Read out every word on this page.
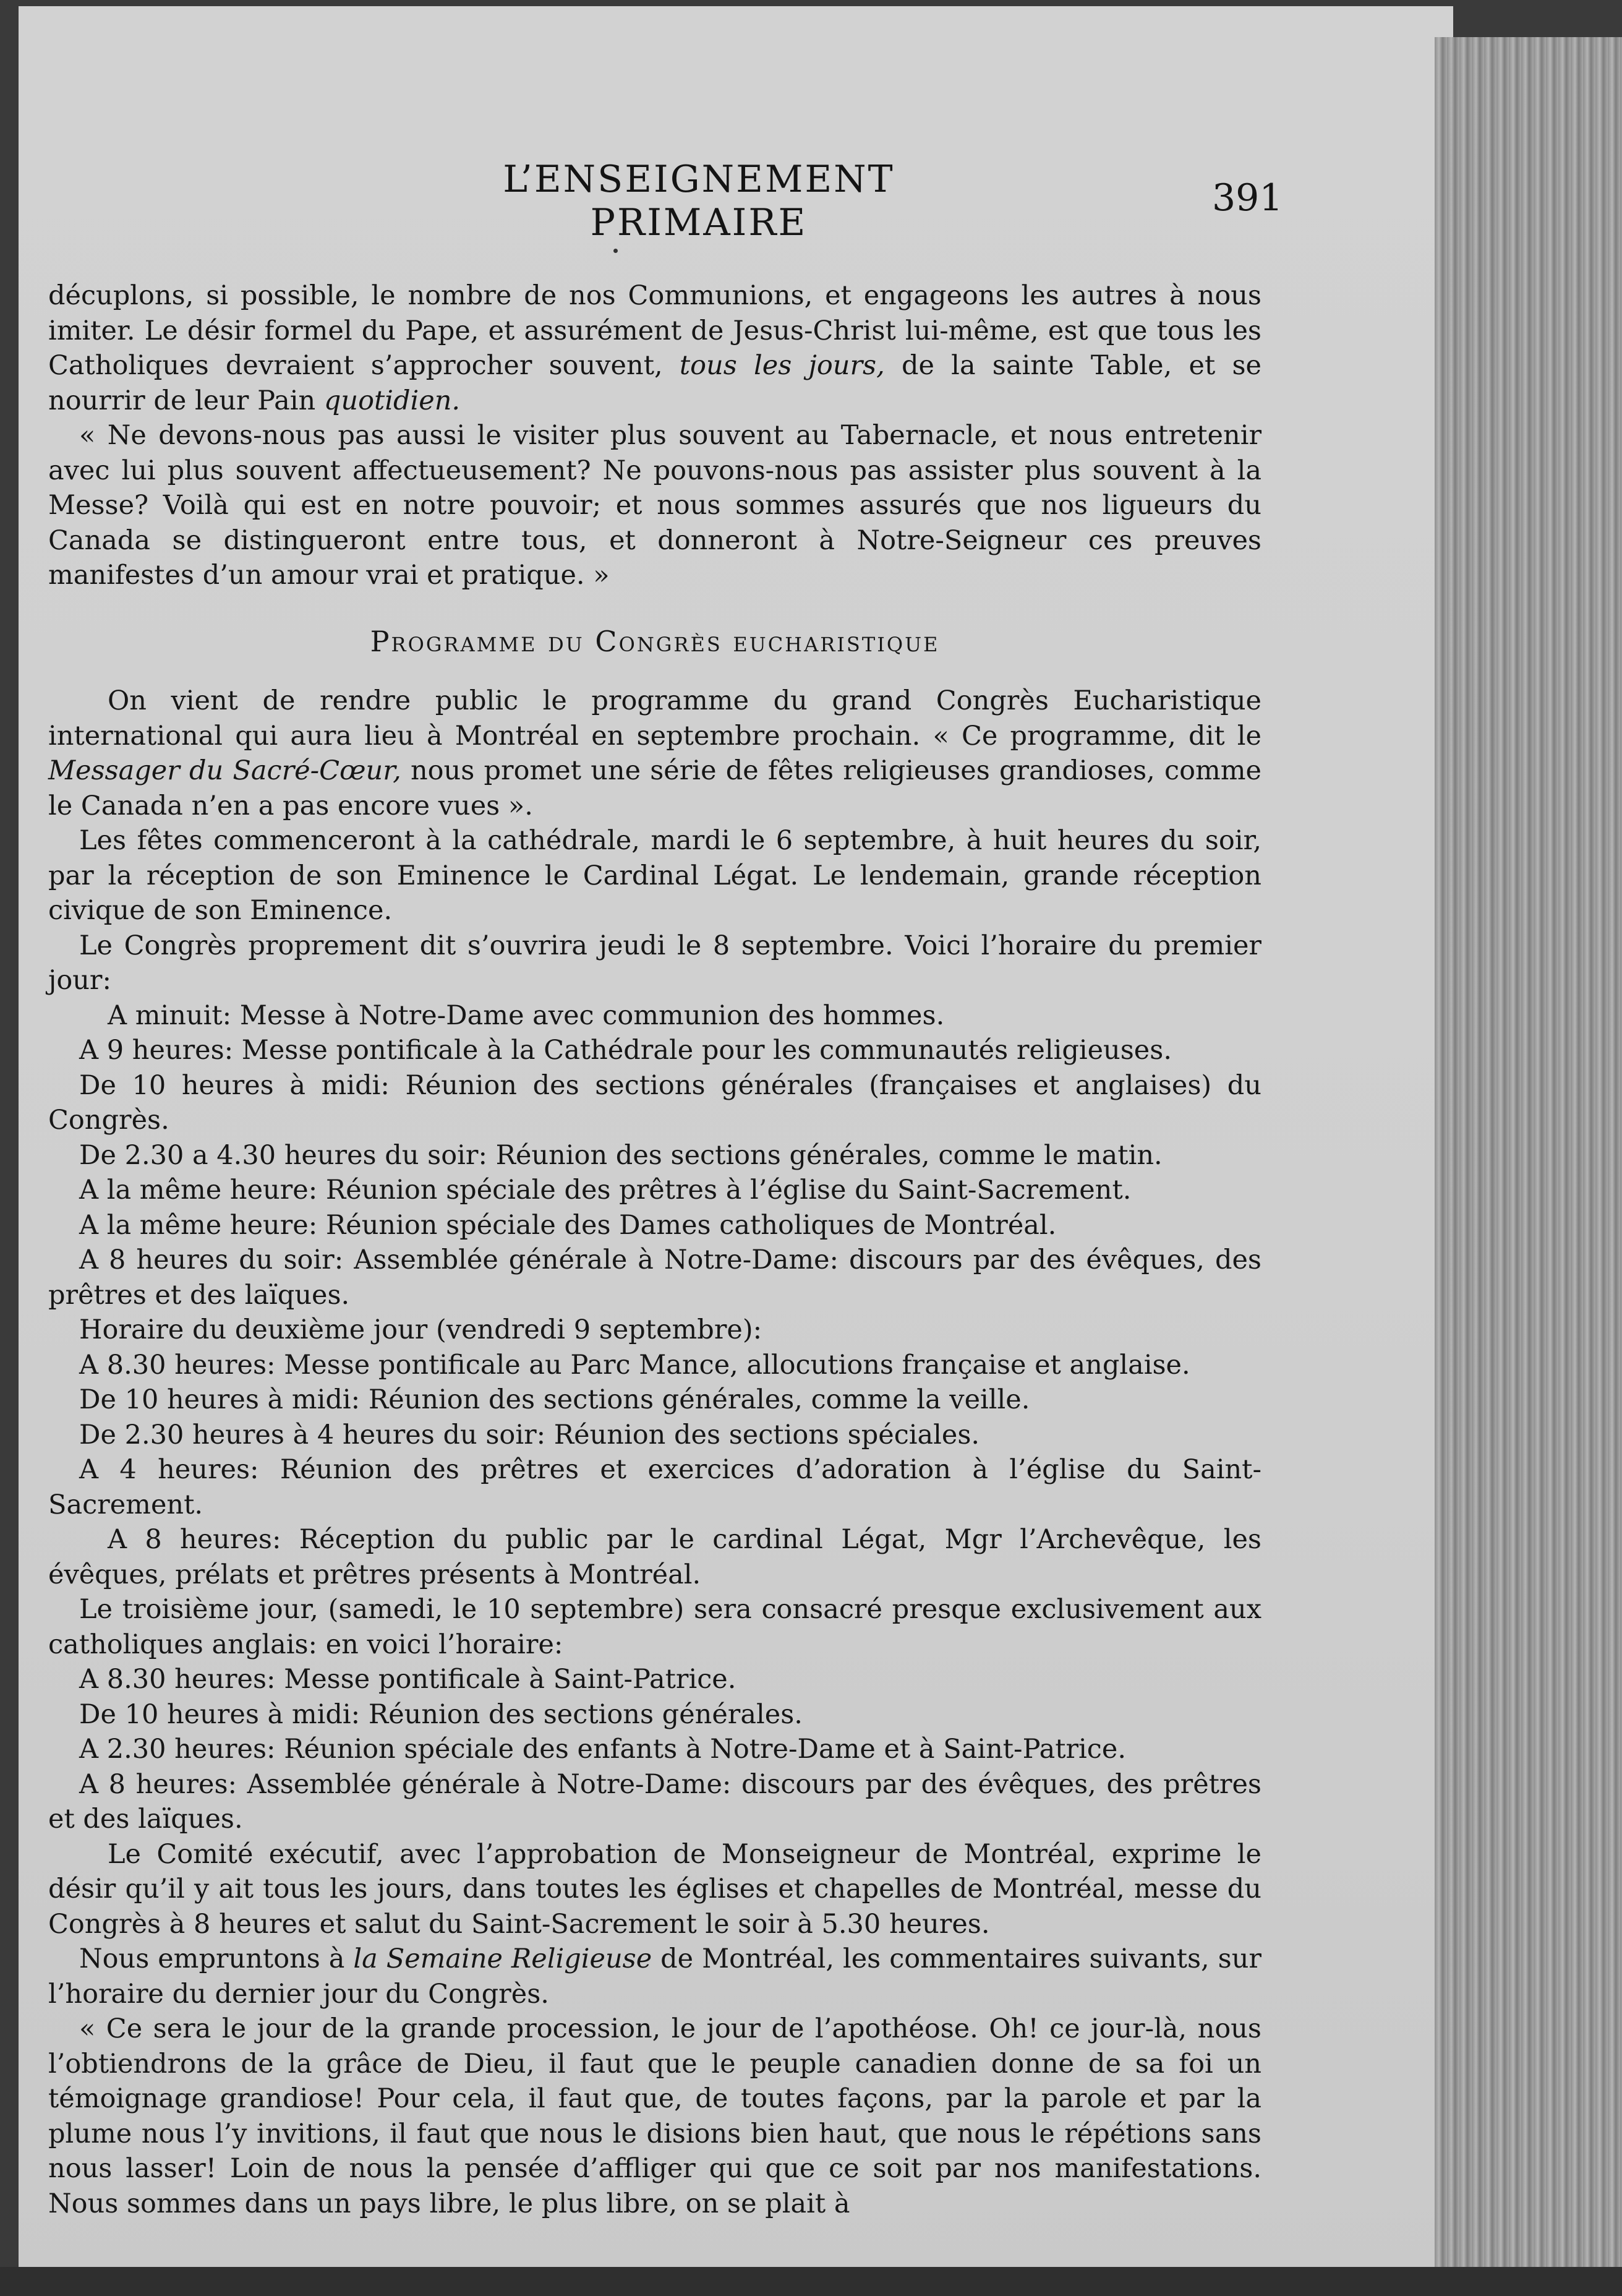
L’ENSEIGNEMENT PRIMAIRE
391

décuplons, si possible, le nombre de nos Communions, et engageons les autres à nous imiter. Le désir formel du Pape, et assurément de Jesus-Christ lui-même, est que tous les Catholiques devraient s’approcher souvent, tous les jours, de la sainte Table, et se nourrir de leur Pain quotidien.

« Ne devons-nous pas aussi le visiter plus souvent au Tabernacle, et nous entretenir avec lui plus souvent affectueusement? Ne pouvons-nous pas assister plus souvent à la Messe? Voilà qui est en notre pouvoir; et nous sommes assurés que nos ligueurs du Canada se distingueront entre tous, et donneront à Notre-Seigneur ces preuves manifestes d’un amour vrai et pratique. »

Programme du Congrès eucharistique

On vient de rendre public le programme du grand Congrès Eucharistique international qui aura lieu à Montréal en septembre prochain. « Ce programme, dit le Messager du Sacré-Cœur, nous promet une série de fêtes religieuses grandioses, comme le Canada n’en a pas encore vues ».

Les fêtes commenceront à la cathédrale, mardi le 6 septembre, à huit heures du soir, par la réception de son Eminence le Cardinal Légat. Le lendemain, grande réception civique de son Eminence.

Le Congrès proprement dit s’ouvrira jeudi le 8 septembre. Voici l’horaire du premier jour:

A minuit: Messe à Notre-Dame avec communion des hommes.

A 9 heures: Messe pontificale à la Cathédrale pour les communautés religieuses.

De 10 heures à midi: Réunion des sections générales (françaises et anglaises) du Congrès.

De 2.30 a 4.30 heures du soir: Réunion des sections générales, comme le matin.

A la même heure: Réunion spéciale des prêtres à l’église du Saint-Sacrement.

A la même heure: Réunion spéciale des Dames catholiques de Montréal.

A 8 heures du soir: Assemblée générale à Notre-Dame: discours par des évêques, des prêtres et des laïques.

Horaire du deuxième jour (vendredi 9 septembre):

A 8.30 heures: Messe pontificale au Parc Mance, allocutions française et anglaise.

De 10 heures à midi: Réunion des sections générales, comme la veille.

De 2.30 heures à 4 heures du soir: Réunion des sections spéciales.

A 4 heures: Réunion des prêtres et exercices d’adoration à l’église du Saint-Sacrement.

A 8 heures: Réception du public par le cardinal Légat, Mgr l’Archevêque, les évêques, prélats et prêtres présents à Montréal.

Le troisième jour, (samedi, le 10 septembre) sera consacré presque exclusivement aux catholiques anglais: en voici l’horaire:

A 8.30 heures: Messe pontificale à Saint-Patrice.

De 10 heures à midi: Réunion des sections générales.

A 2.30 heures: Réunion spéciale des enfants à Notre-Dame et à Saint-Patrice.

A 8 heures: Assemblée générale à Notre-Dame: discours par des évêques, des prêtres et des laïques.

Le Comité exécutif, avec l’approbation de Monseigneur de Montréal, exprime le désir qu’il y ait tous les jours, dans toutes les églises et chapelles de Montréal, messe du Congrès à 8 heures et salut du Saint-Sacrement le soir à 5.30 heures.

Nous empruntons à la Semaine Religieuse de Montréal, les commentaires suivants, sur l’horaire du dernier jour du Congrès.

« Ce sera le jour de la grande procession, le jour de l’apothéose. Oh! ce jour-là, nous l’obtiendrons de la grâce de Dieu, il faut que le peuple canadien donne de sa foi un témoignage grandiose! Pour cela, il faut que, de toutes façons, par la parole et par la plume nous l’y invitions, il faut que nous le disions bien haut, que nous le répétions sans nous lasser! Loin de nous la pensée d’affliger qui que ce soit par nos manifestations. Nous sommes dans un pays libre, le plus libre, on se plait à
